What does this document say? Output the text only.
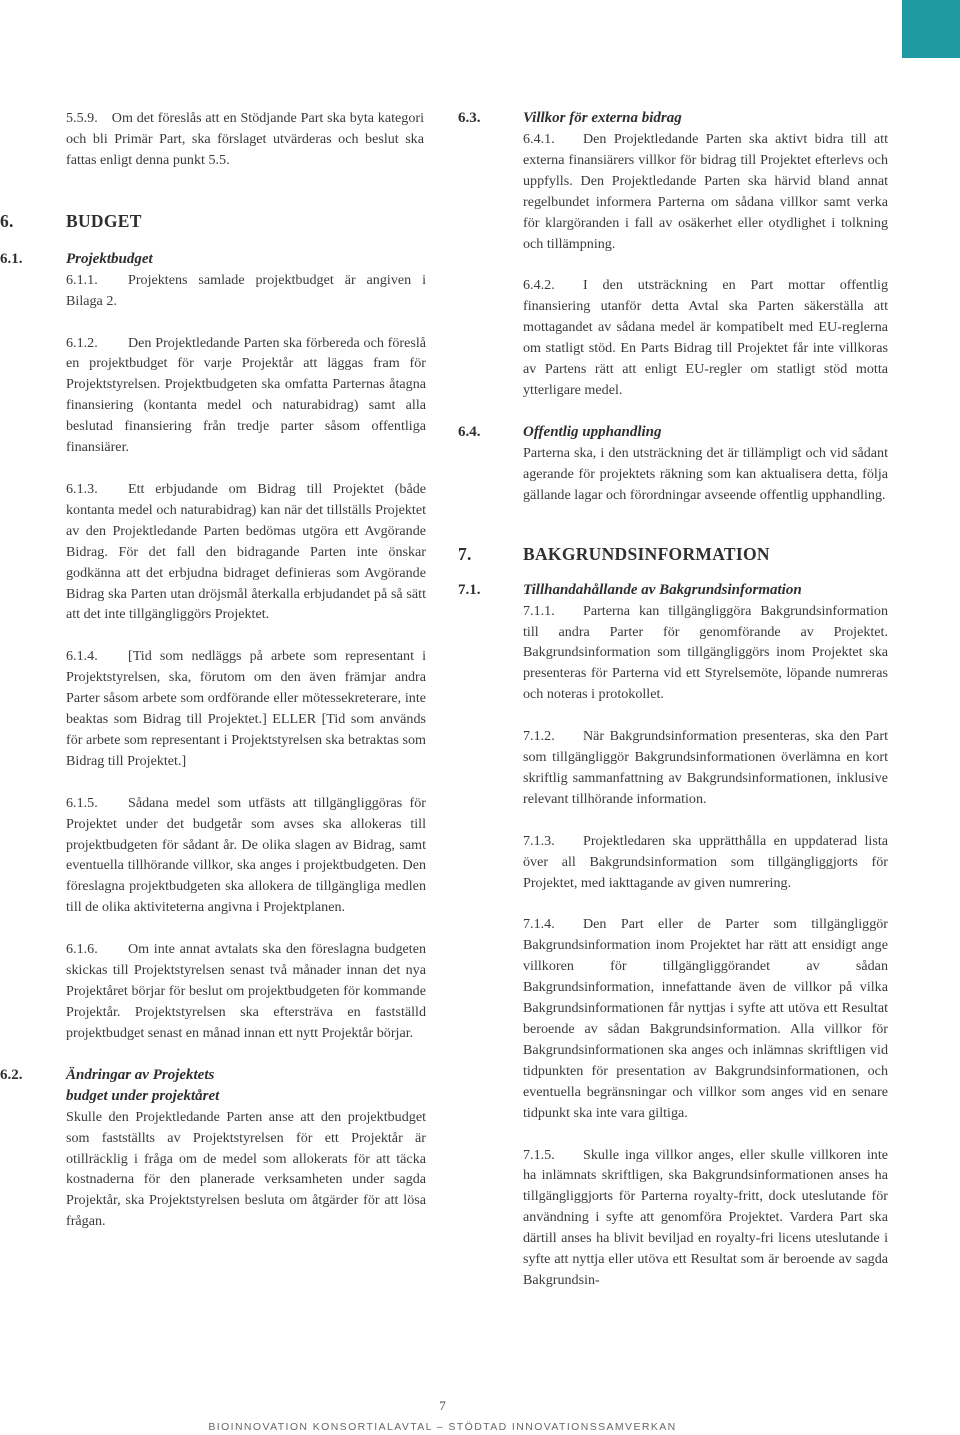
5.5.9. Om det föreslås att en Stödjande Part ska byta kategori och bli Primär Part, ska förslaget utvärderas och beslut ska fattas enligt denna punkt 5.5.

6.	BUDGET
6.1.	Projektbudget

6.1.1. Projektens samlade projektbudget är angiven i Bilaga 2.

6.1.2. Den Projektledande Parten ska förbereda och föreslå en projektbudget för varje Projektår att läggas fram för Projektstyrelsen. Projektbudgeten ska omfatta Parternas åtagna finansiering (kontanta medel och naturabidrag) samt alla beslutad finansiering från tredje parter såsom offentliga finansiärer.

6.1.3. Ett erbjudande om Bidrag till Projektet (både kontanta medel och naturabidrag) kan när det tillställs Projektet av den Projektledande Parten bedömas utgöra ett Avgörande Bidrag. För det fall den bidragande Parten inte önskar godkänna att det erbjudna bidraget definieras som Avgörande Bidrag ska Parten utan dröjsmål återkalla erbjudandet på så sätt att det inte tillgängliggörs Projektet.

6.1.4. [Tid som nedläggs på arbete som representant i Projektstyrelsen, ska, förutom om den även främjar andra Parter såsom arbete som ordförande eller mötessekreterare, inte beaktas som Bidrag till Projektet.] ELLER [Tid som används för arbete som representant i Projektstyrelsen ska betraktas som Bidrag till Projektet.]

6.1.5. Sådana medel som utfästs att tillgängliggöras för Projektet under det budgetår som avses ska allokeras till projektbudgeten för sådant år. De olika slagen av Bidrag, samt eventuella tillhörande villkor, ska anges i projektbudgeten. Den föreslagna projektbudgeten ska allokera de tillgängliga medlen till de olika aktiviteterna angivna i Projektplanen.

6.1.6. Om inte annat avtalats ska den föreslagna budgeten skickas till Projektstyrelsen senast två månader innan det nya Projektåret börjar för beslut om projektbudgeten för kommande Projektår. Projektstyrelsen ska eftersträva en fastställd projektbudget senast en månad innan ett nytt Projektår börjar.

6.2.	Ändringar av Projektets
budget under projektåret

Skulle den Projektledande Parten anse att den projektbudget som fastställts av Projektstyrelsen för ett Projektår är otillräcklig i fråga om de medel som allokerats för att täcka kostnaderna för den planerade verksamheten under sagda Projektår, ska Projektstyrelsen besluta om åtgärder för att lösa frågan.

6.3.	Villkor för externa bidrag

6.4.1. Den Projektledande Parten ska aktivt bidra till att externa finansiärers villkor för bidrag till Projektet efterlevs och uppfylls. Den Projektledande Parten ska härvid bland annat regelbundet informera Parterna om sådana villkor samt verka för klargöranden i fall av osäkerhet eller otydlighet i tolkning och tillämpning.

6.4.2. I den utsträckning en Part mottar offentlig finansiering utanför detta Avtal ska Parten säkerställa att mottagandet av sådana medel är kompatibelt med EU-reglerna om statligt stöd. En Parts Bidrag till Projektet får inte villkoras av Partens rätt att enligt EU-regler om statligt stöd motta ytterligare medel.

6.4.	Offentlig upphandling

Parterna ska, i den utsträckning det är tillämpligt och vid sådant agerande för projektets räkning som kan aktualisera detta, följa gällande lagar och förordningar avseende offentlig upphandling.

7.	BAKGRUNDSINFORMATION
7.1.	Tillhandahållande av Bakgrundsinformation

7.1.1. Parterna kan tillgängliggöra Bakgrundsinformation till andra Parter för genomförande av Projektet. Bakgrundsinformation som tillgängliggörs inom Projektet ska presenteras för Parterna vid ett Styrelsemöte, löpande numreras och noteras i protokollet.

7.1.2. När Bakgrundsinformation presenteras, ska den Part som tillgängliggör Bakgrundsinformationen överlämna en kort skriftlig sammanfattning av Bakgrundsinformationen, inklusive relevant tillhörande information.

7.1.3. Projektledaren ska upprätthålla en uppdaterad lista över all Bakgrundsinformation som tillgängliggjorts för Projektet, med iakttagande av given numrering.

7.1.4. Den Part eller de Parter som tillgängliggör Bakgrundsinformation inom Projektet har rätt att ensidigt ange villkoren för tillgängliggörandet av sådan Bakgrundsinformation, innefattande även de villkor på vilka Bakgrundsinformationen får nyttjas i syfte att utöva ett Resultat beroende av sådan Bakgrundsinformation. Alla villkor för Bakgrundsinformationen ska anges och inlämnas skriftligen vid tidpunkten för presentation av Bakgrundsinformationen, och eventuella begränsningar och villkor som anges vid en senare tidpunkt ska inte vara giltiga.

7.1.5. Skulle inga villkor anges, eller skulle villkoren inte ha inlämnats skriftligen, ska Bakgrundsinformationen anses ha tillgängliggjorts för Parterna royalty-fritt, dock uteslutande för användning i syfte att genomföra Projektet. Vardera Part ska därtill anses ha blivit beviljad en royalty-fri licens uteslutande i syfte att nyttja eller utöva ett Resultat som är beroende av sagda Bakgrundsin-

7
BIOINNOVATION KONSORTIALAVTAL – STÖDTAD INNOVATIONSSAMVERKAN
